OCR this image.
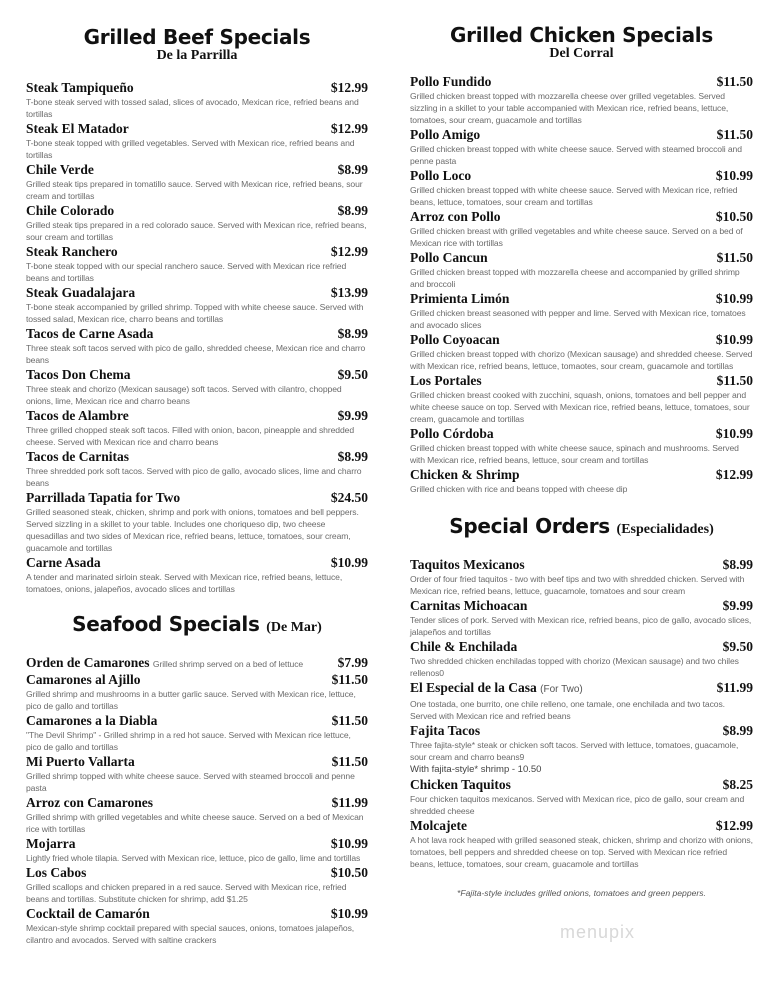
Grilled Beef Specials
De la Parrilla
Steak Tampiqueño	$12.99
T-bone steak served with tossed salad, slices of avocado, Mexican rice, refried beans and tortillas
Steak El Matador	$12.99
T-bone steak topped with grilled vegetables. Served with Mexican rice, refried beans and tortillas
Chile Verde	$8.99
Grilled steak tips prepared in tomatillo sauce. Served with Mexican rice, refried beans, sour cream and tortillas
Chile Colorado	$8.99
Grilled steak tips prepared in a red colorado sauce. Served with Mexican rice, refried beans, sour cream and tortillas
Steak Ranchero	$12.99
T-bone steak topped with our special ranchero sauce. Served with Mexican rice refried beans and tortillas
Steak Guadalajara	$13.99
T-bone steak accompanied by grilled shrimp. Topped with white cheese sauce. Served with tossed salad, Mexican rice, charro beans and tortillas
Tacos de Carne Asada	$8.99
Three steak soft tacos served with pico de gallo, shredded cheese, Mexican rice and charro beans
Tacos Don Chema	$9.50
Three steak and chorizo (Mexican sausage) soft tacos. Served with cilantro, chopped onions, lime, Mexican rice and charro beans
Tacos de Alambre	$9.99
Three grilled chopped steak soft tacos. Filled with onion, bacon, pineapple and shredded cheese. Served with Mexican rice and charro beans
Tacos de Carnitas	$8.99
Three shredded pork soft tacos. Served with pico de gallo, avocado slices, lime and charro beans
Parrillada Tapatia for Two	$24.50
Grilled seasoned steak, chicken, shrimp and pork with onions, tomatoes and bell peppers. Served sizzling in a skillet to your table. Includes one choriqueso dip, two cheese quesadillas and two sides of Mexican rice, refried beans, lettuce, tomatoes, sour cream, guacamole and tortillas
Carne Asada	$10.99
A tender and marinated sirloin steak. Served with Mexican rice, refried beans, lettuce, tomatoes, onions, jalapeños, avocado slices and tortillas
Seafood Specials (De Mar)
Orden de Camarones Grilled shrimp served on a bed of lettuce	$7.99
Camarones al Ajillo	$11.50
Grilled shrimp and mushrooms in a butter garlic sauce. Served with Mexican rice, lettuce, pico de gallo and tortillas
Camarones a la Diabla	$11.50
"The Devil Shrimp" - Grilled shrimp in a red hot sauce. Served with Mexican rice lettuce, pico de gallo and tortillas
Mi Puerto Vallarta	$11.50
Grilled shrimp topped with white cheese sauce. Served with steamed broccoli and penne pasta
Arroz con Camarones	$11.99
Grilled shrimp with grilled vegetables and white cheese sauce. Served on a bed of Mexican rice with tortillas
Mojarra	$10.99
Lightly fried whole tilapia. Served with Mexican rice, lettuce, pico de gallo, lime and tortillas
Los Cabos	$10.50
Grilled scallops and chicken prepared in a red sauce. Served with Mexican rice, refried beans and tortillas. Substitute chicken for shrimp, add $1.25
Cocktail de Camarón	$10.99
Mexican-style shrimp cocktail prepared with special sauces, onions, tomatoes jalapeños, cilantro and avocados. Served with saltine crackers
Grilled Chicken Specials
Del Corral
Pollo Fundido	$11.50
Grilled chicken breast topped with mozzarella cheese over grilled vegetables. Served sizzling in a skillet to your table accompanied with Mexican rice, refried beans, lettuce, tomatoes, sour cream, guacamole and tortillas
Pollo Amigo	$11.50
Grilled chicken breast topped with white cheese sauce. Served with steamed broccoli and penne pasta
Pollo Loco	$10.99
Grilled chicken breast topped with white cheese sauce. Served with Mexican rice, refried beans, lettuce, tomatoes, sour cream and tortillas
Arroz con Pollo	$10.50
Grilled chicken breast with grilled vegetables and white cheese sauce. Served on a bed of Mexican rice with tortillas
Pollo Cancun	$11.50
Grilled chicken breast topped with mozzarella cheese and accompanied by grilled shrimp and broccoli
Primienta Limón	$10.99
Grilled chicken breast seasoned with pepper and lime. Served with Mexican rice, tomatoes and avocado slices
Pollo Coyoacan	$10.99
Grilled chicken breast topped with chorizo (Mexican sausage) and shredded cheese. Served with Mexican rice, refried beans, lettuce, tomaotes, sour cream, guacamole and tortillas
Los Portales	$11.50
Grilled chicken breast cooked with zucchini, squash, onions, tomatoes and bell pepper and white cheese sauce on top. Served with Mexican rice, refried beans, lettuce, tomatoes, sour cream, guacamole and tortillas
Pollo Córdoba	$10.99
Grilled chicken breast topped with white cheese sauce, spinach and mushrooms. Served with Mexican rice, refried beans, lettuce, sour cream and tortillas
Chicken & Shrimp	$12.99
Grilled chicken with rice and beans topped with cheese dip
Special Orders (Especialidades)
Taquitos Mexicanos	$8.99
Order of four fried taquitos - two with beef tips and two with shredded chicken. Served with Mexican rice, refried beans, lettuce, guacamole, tomatoes and sour cream
Carnitas Michoacan	$9.99
Tender slices of pork. Served with Mexican rice, refried beans, pico de gallo, avocado slices, jalapeños and tortillas
Chile & Enchilada	$9.50
Two shredded chicken enchiladas topped with chorizo (Mexican sausage) and two chiles rellenos0
El Especial de la Casa (For Two)	$11.99
One tostada, one burrito, one chile relleno, one tamale, one enchilada and two tacos. Served with Mexican rice and refried beans
Fajita Tacos	$8.99
Three fajita-style* steak or chicken soft tacos. Served with lettuce, tomatoes, guacamole, sour cream and charro beans9
With fajita-style* shrimp - 10.50
Chicken Taquitos	$8.25
Four chicken taquitos mexicanos. Served with Mexican rice, pico de gallo, sour cream and shredded cheese
Molcajete	$12.99
A hot lava rock heaped with grilled seasoned steak, chicken, shrimp and chorizo with onions, tomatoes, bell peppers and shredded cheese on top. Served with Mexican rice refried beans, lettuce, tomatoes, sour cream, guacamole and tortillas
*Fajita-style includes grilled onions, tomatoes and green peppers.
menupix
